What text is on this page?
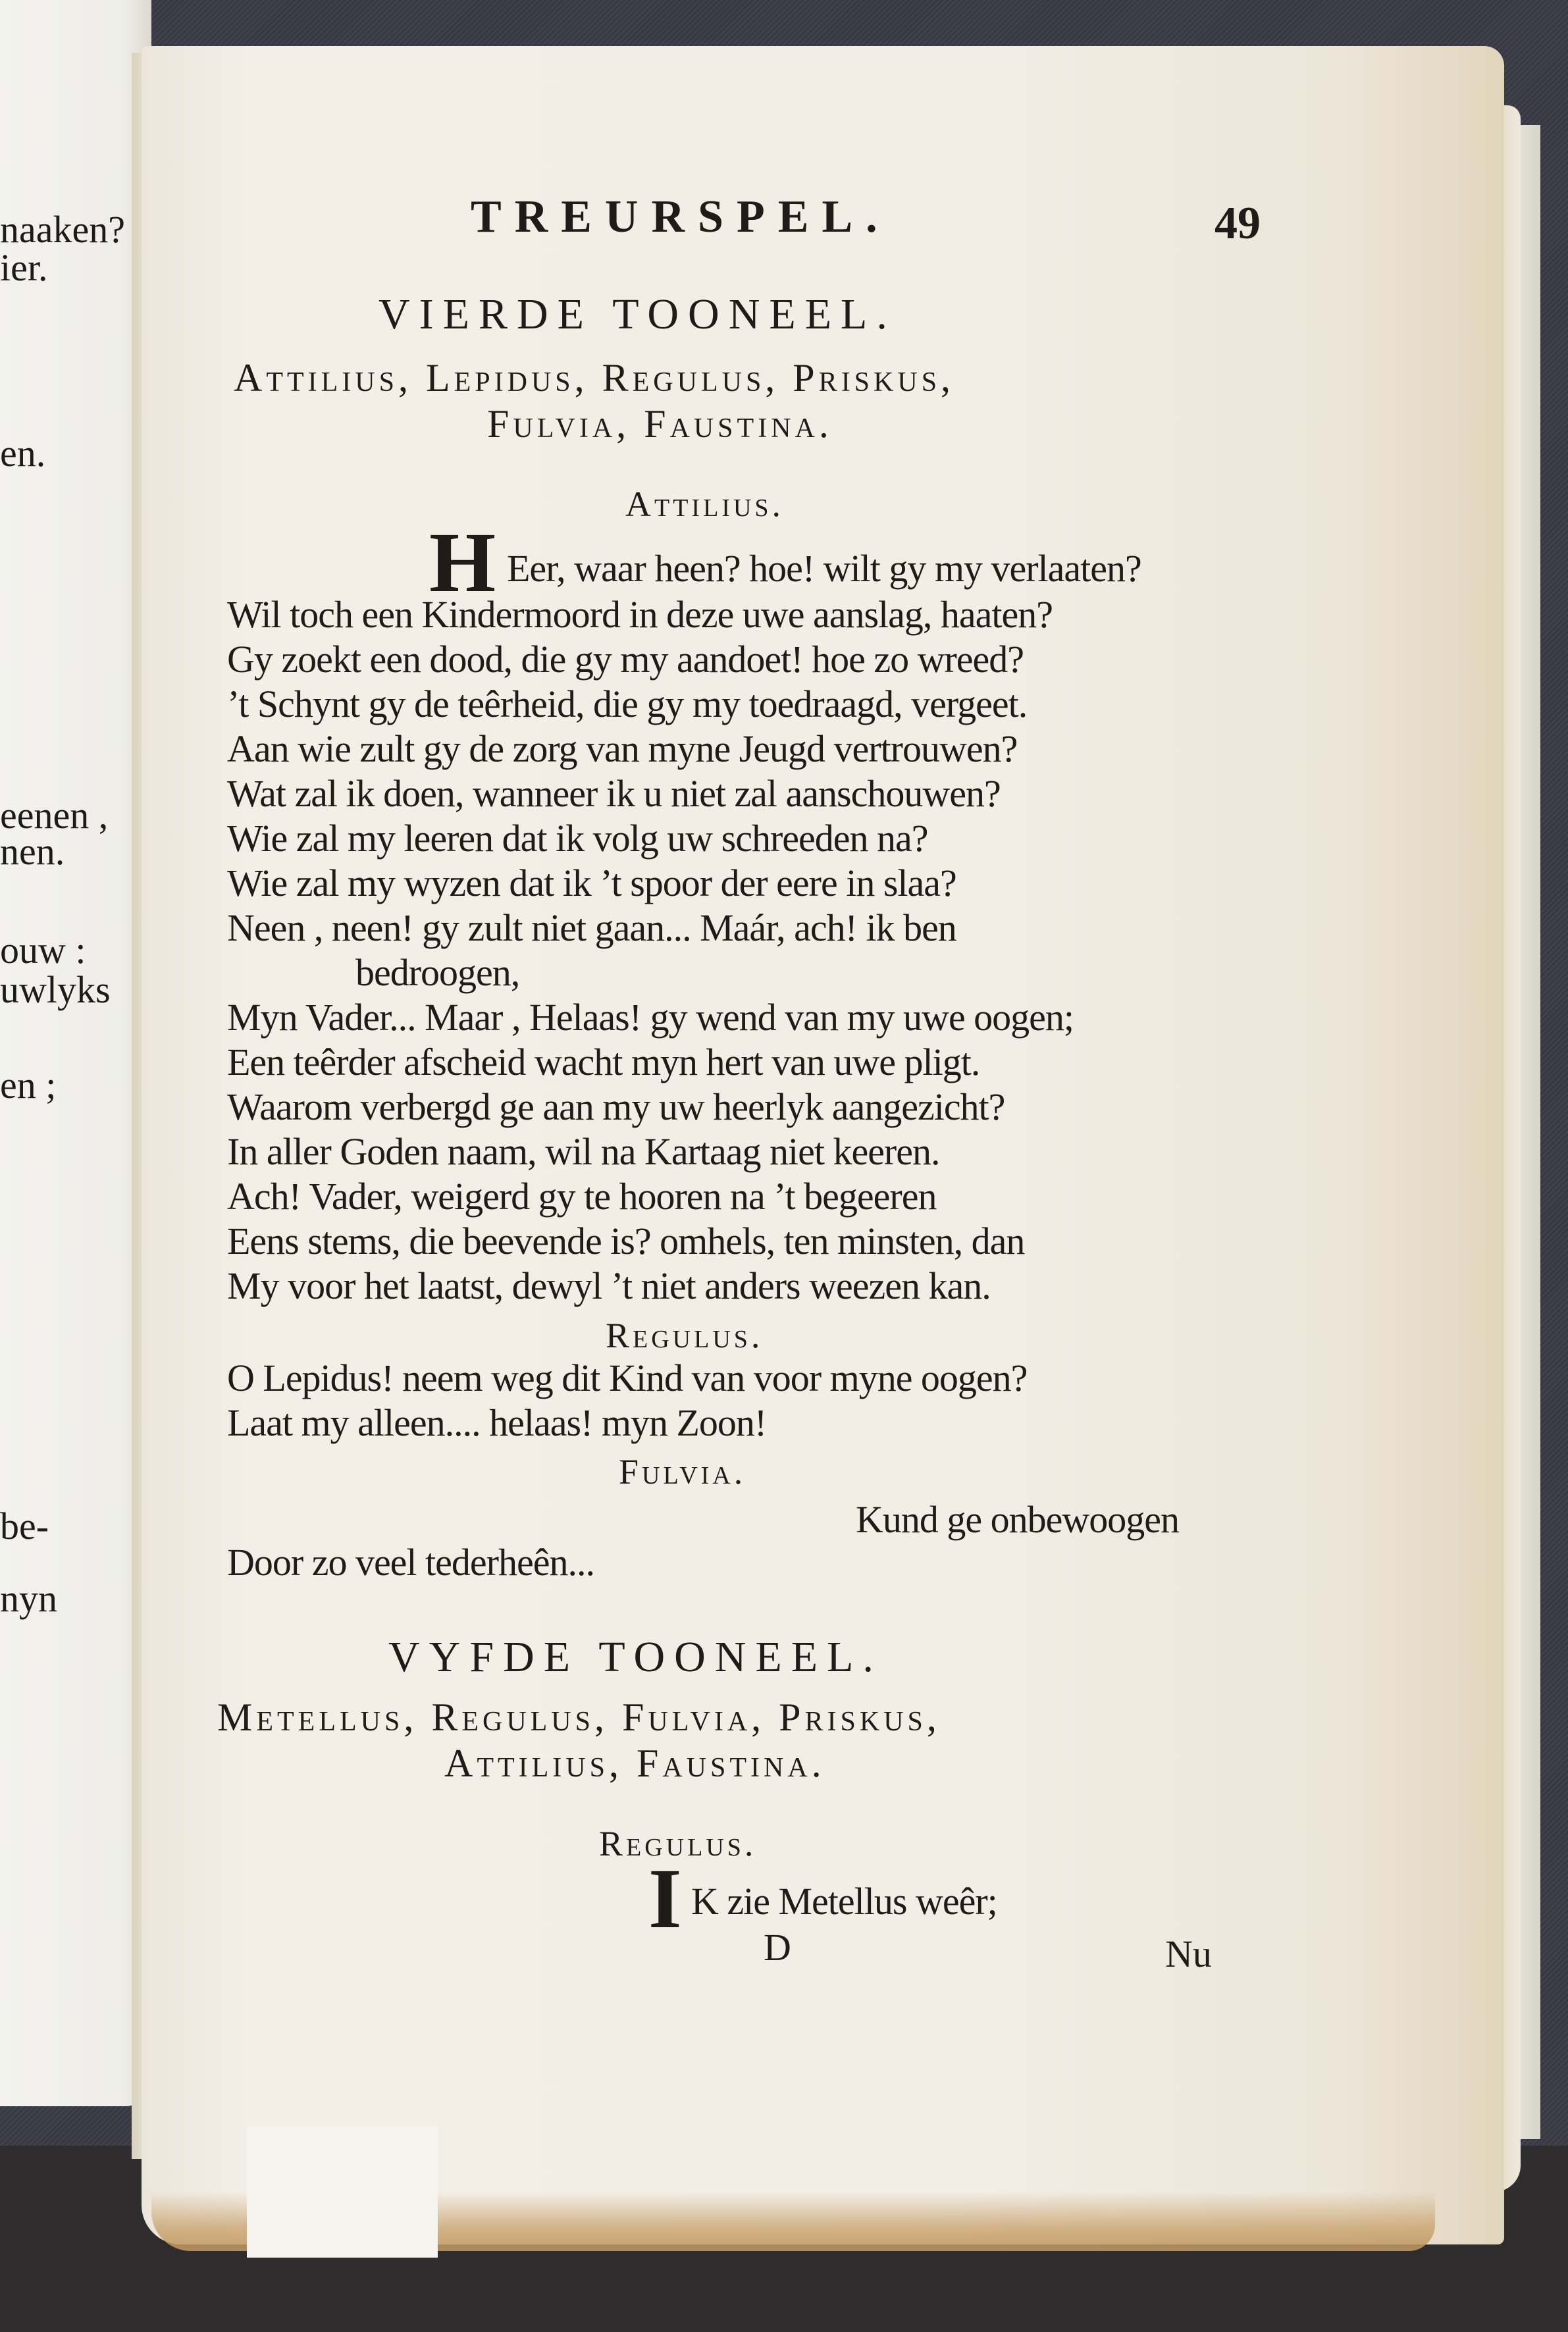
naaken?
ier.
en.
eenen ,
nen.
ouw :
uwlyks
en ;
be-
nyn
TREURSPEL.	49
VIERDE TOONEEL.
Attilius, Lepidus, Regulus, Priskus,
Fulvia, Faustina.
Attilius.
H Eer, waar heen? hoe! wilt gy my verlaaten?
Wil toch een Kindermoord in deze uwe aanslag, haaten?
Gy zoekt een dood, die gy my aandoet! hoe zo wreed?
’t Schynt gy de teêrheid, die gy my toedraagd, vergeet.
Aan wie zult gy de zorg van myne Jeugd vertrouwen?
Wat zal ik doen, wanneer ik u niet zal aanschouwen?
Wie zal my leeren dat ik volg uw schreeden na?
Wie zal my wyzen dat ik ’t spoor der eere in slaa?
Neen , neen! gy zult niet gaan... Maár, ach! ik ben
bedroogen,
Myn Vader... Maar , Helaas! gy wend van my uwe oogen;
Een teêrder afscheid wacht myn hert van uwe pligt.
Waarom verbergd ge aan my uw heerlyk aangezicht?
In aller Goden naam, wil na Kartaag niet keeren.
Ach! Vader, weigerd gy te hooren na ’t begeeren
Eens stems, die beevende is? omhels, ten minsten, dan
My voor het laatst, dewyl ’t niet anders weezen kan.
Regulus.
O Lepidus! neem weg dit Kind van voor myne oogen?
Laat my alleen.... helaas! myn Zoon!
Fulvia.
Kund ge onbewoogen
Door zo veel tederheên...
VYFDE TOONEEL.
Metellus, Regulus, Fulvia, Priskus,
Attilius, Faustina.
Regulus.
I K zie Metellus weêr;
D	Nu
